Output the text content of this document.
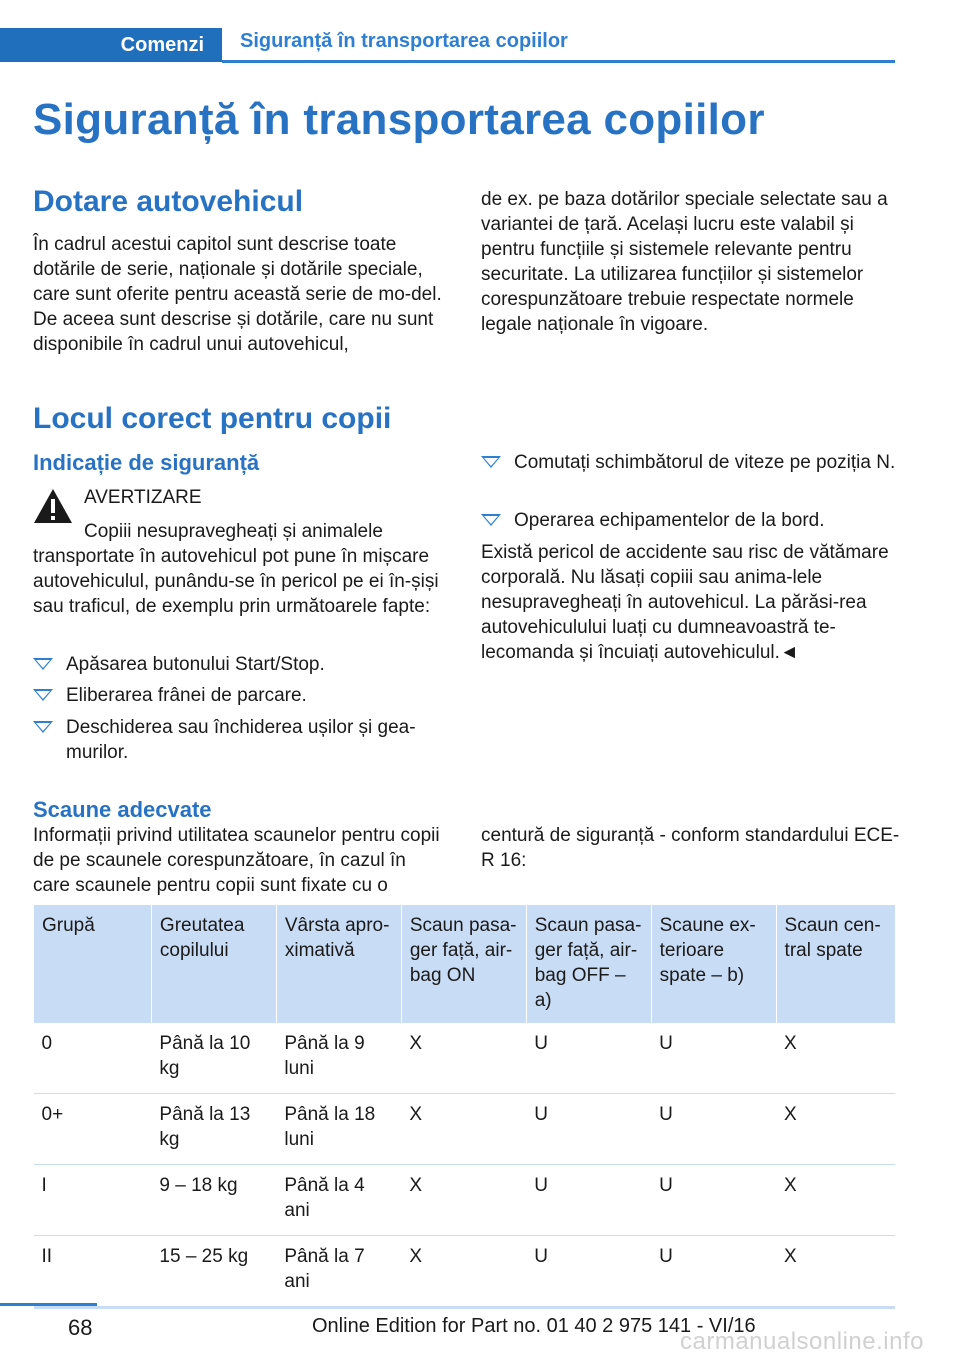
Comenzi	Siguranță în transportarea copiilor
Siguranță în transportarea copiilor
Dotare autovehicul

În cadrul acestui capitol sunt descrise toate dotările de serie, naționale și dotările speciale, care sunt oferite pentru această serie de mo-del. De aceea sunt descrise și dotările, care nu sunt disponibile în cadrul unui autovehicul,

de ex. pe baza dotărilor speciale selectate sau a variantei de țară. Același lucru este valabil și pentru funcțiile și sistemele relevante pentru securitate. La utilizarea funcțiilor și sistemelor corespunzătoare trebuie respectate normele legale naționale în vigoare.

Locul corect pentru copii
Indicație de siguranță
AVERTIZARE

Copiii nesupravegheați și animalele transportate în autovehicul pot pune în mișcare autovehiculul, punându-se în pericol pe ei în-șiși sau traficul, de exemplu prin următoarele fapte:

Apăsarea butonului Start/Stop.
Eliberarea frânei de parcare.
Deschiderea sau închiderea ușilor și gea-murilor.
Comutați schimbătorul de viteze pe poziția N.
Operarea echipamentelor de la bord.

Există pericol de accidente sau risc de vătămare corporală. Nu lăsați copiii sau anima-lele nesupravegheați în autovehicul. La părăsi-rea autovehiculului luați cu dumneavoastră te-lecomanda și încuiați autovehiculul.◄

Scaune adecvate

Informații privind utilitatea scaunelor pentru copii de pe scaunele corespunzătoare, în cazul în care scaunele pentru copii sunt fixate cu o

centură de siguranță - conform standardului ECE-R 16:

Grupă	Greutatea copilului	Vârsta apro-ximativă	Scaun pasa-ger față, air-bag ON	Scaun pasa-ger față, air-bag OFF – a)	Scaune ex-terioare spate – b)	Scaun cen-tral spate
0	Până la 10 kg	Până la 9 luni	X	U	U	X
0+	Până la 13 kg	Până la 18 luni	X	U	U	X
I	9 – 18 kg	Până la 4 ani	X	U	U	X
II	15 – 25 kg	Până la 7 ani	X	U	U	X
68	Online Edition for Part no. 01 40 2 975 141 - VI/16
carmanualsonline.info
